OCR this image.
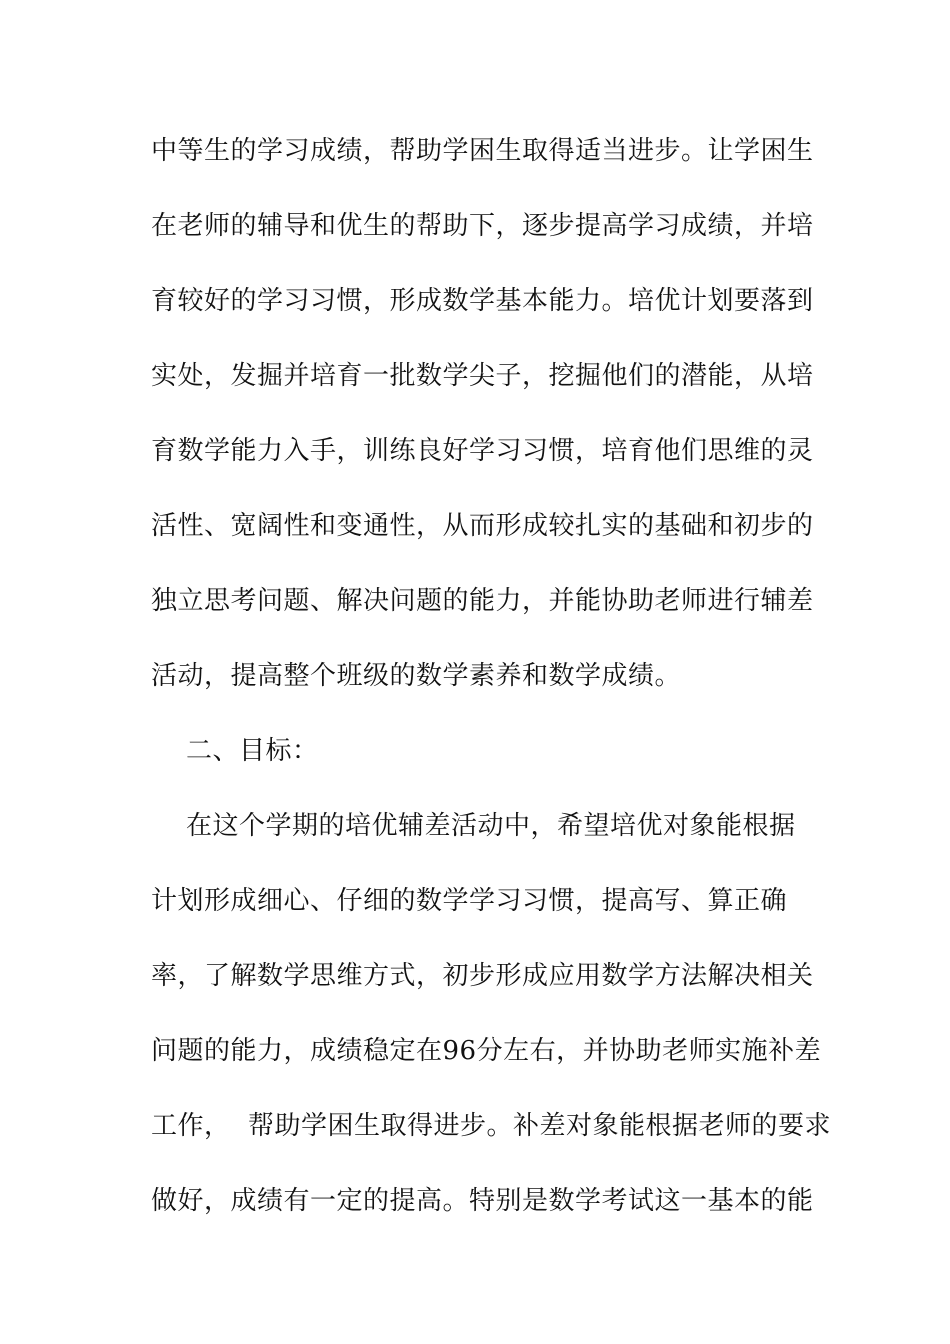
中等生的学习成绩，帮助学困生取得适当进步。让学困生
在老师的辅导和优生的帮助下，逐步提高学习成绩，并培
育较好的学习习惯，形成数学基本能力。培优计划要落到
实处，发掘并培育一批数学尖子，挖掘他们的潜能，从培
育数学能力入手，训练良好学习习惯，培育他们思维的灵
活性、宽阔性和变通性，从而形成较扎实的基础和初步的
独立思考问题、解决问题的能力，并能协助老师进行辅差
活动，提高整个班级的数学素养和数学成绩。
二、目标：
在这个学期的培优辅差活动中，希望培优对象能根据
计划形成细心、仔细的数学学习习惯，提高写、算正确
率，了解数学思维方式，初步形成应用数学方法解决相关
问题的能力，成绩稳定在96分左右，并协助老师实施补差
工作，  帮助学困生取得进步。补差对象能根据老师的要求
做好，成绩有一定的提高。特别是数学考试这一基本的能
